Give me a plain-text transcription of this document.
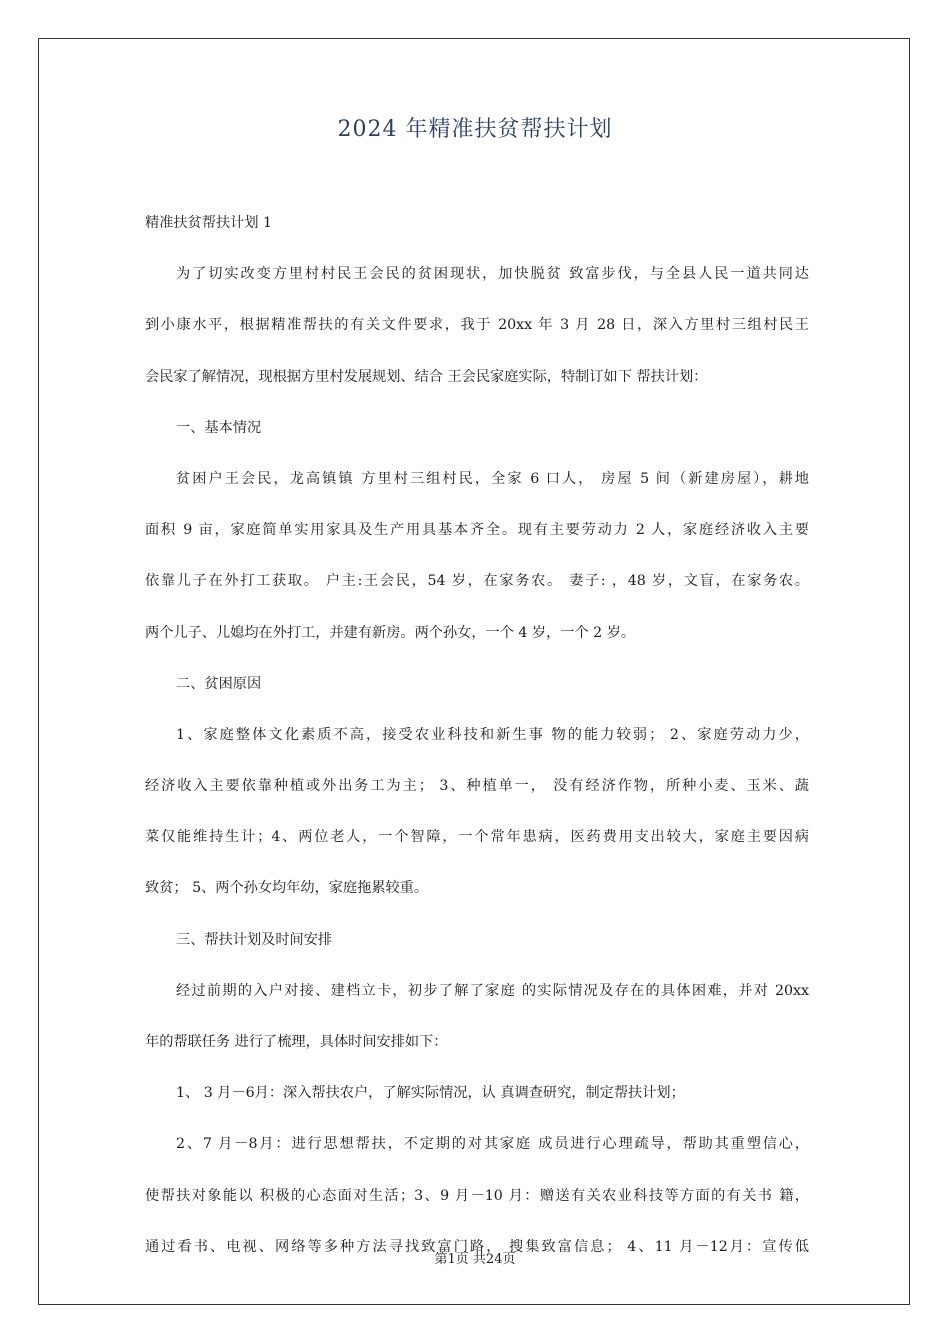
2024 年精准扶贫帮扶计划
精准扶贫帮扶计划 1
为了切实改变方里村村民王会民的贫困现状，加快脱贫 致富步伐，与全县人民一道共同达
到小康水平，根据精准帮扶的有关文件要求，我于 20xx 年 3 月 28 日，深入方里村三组村民王
会民家了解情况，现根据方里村发展规划、结合 王会民家庭实际，特制订如下 帮扶计划：
一、基本情况
贫困户王会民，龙高镇镇 方里村三组村民，全家 6 口人， 房屋 5 间（新建房屋），耕地
面积 9 亩，家庭简单实用家具及生产用具基本齐全。现有主要劳动力 2 人，家庭经济收入主要
依靠儿子在外打工获取。 户主:王会民，54 岁，在家务农。 妻子: ，48 岁，文盲，在家务农。
两个儿子、儿媳均在外打工，并建有新房。两个孙女，一个 4 岁，一个 2 岁。
二、贫困原因
1、家庭整体文化素质不高，接受农业科技和新生事 物的能力较弱； 2、家庭劳动力少，
经济收入主要依靠种植或外出务工为主； 3、种植单一， 没有经济作物，所种小麦、玉米、蔬
菜仅能维持生计；4、两位老人，一个智障，一个常年患病，医药费用支出较大，家庭主要因病
致贫； 5、两个孙女均年幼，家庭拖累较重。
三、帮扶计划及时间安排
经过前期的入户对接、建档立卡，初步了解了家庭 的实际情况及存在的具体困难，并对 20xx
年的帮联任务 进行了梳理，具体时间安排如下：
1、 3 月－6月：深入帮扶农户，了解实际情况，认 真调查研究，制定帮扶计划；
2、7 月－8月：进行思想帮扶，不定期的对其家庭 成员进行心理疏导，帮助其重塑信心，
使帮扶对象能以 积极的心态面对生活；3、9 月－10 月：赠送有关农业科技等方面的有关书 籍，
通过看书、电视、网络等多种方法寻找致富门路， 搜集致富信息； 4、11 月－12月：宣传低
第1页 共24页
